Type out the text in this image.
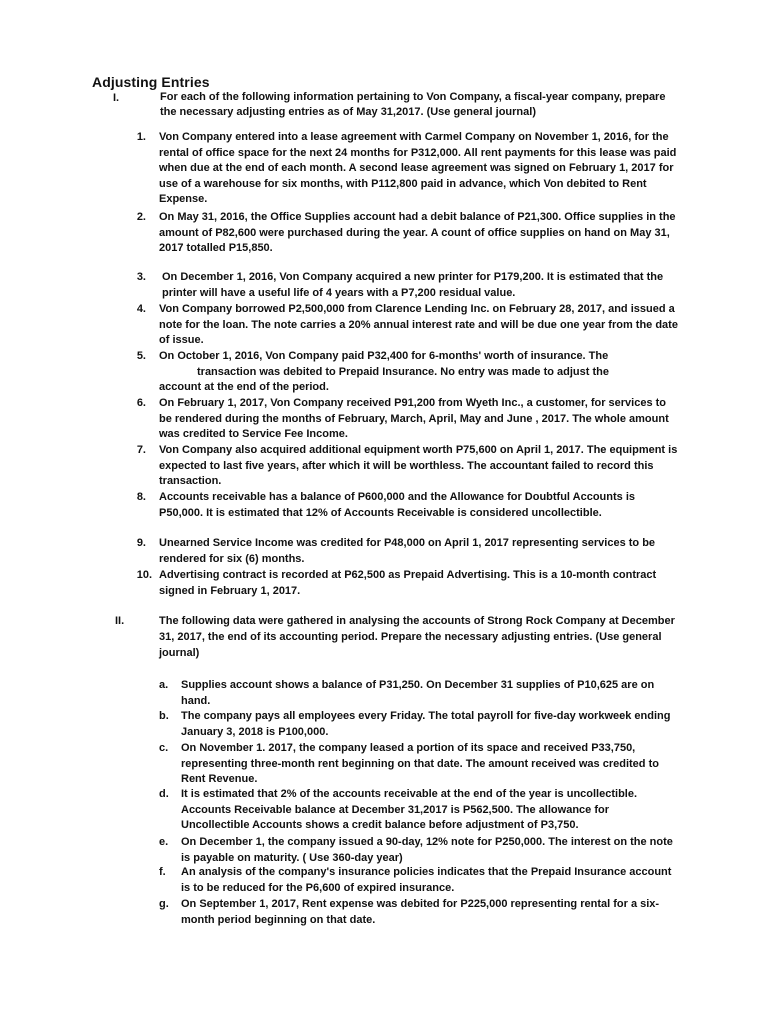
Adjusting Entries
I.	For each of the following information pertaining to Von Company, a fiscal-year company, prepare the necessary adjusting entries as of May 31,2017. (Use general journal)
1. Von Company entered into a lease agreement with Carmel Company on November 1, 2016, for the rental of office space for the next 24 months for P312,000. All rent payments for this lease was paid when due at the end of each month. A second lease agreement was signed on February 1, 2017 for use of a warehouse for six months, with P112,800 paid in advance, which Von debited to Rent Expense.
2. On May 31, 2016, the Office Supplies account had a debit balance of P21,300. Office supplies in the amount of P82,600 were purchased during the year. A count of office supplies on hand on May 31, 2017 totalled P15,850.
3. On December 1, 2016, Von Company acquired a new printer for P179,200. It is estimated that the printer will have a useful life of 4 years with a P7,200 residual value.
4. Von Company borrowed P2,500,000 from Clarence Lending Inc. on February 28, 2017, and issued a note for the loan. The note carries a 20% annual interest rate and will be due one year from the date of issue.
5. On October 1, 2016, Von Company paid P32,400 for 6-months' worth of insurance. The
transaction was debited to Prepaid Insurance. No entry was made to adjust the
account at the end of the period.
6. On February 1, 2017, Von Company received P91,200 from Wyeth Inc., a customer, for services to be rendered during the months of February, March, April, May and June , 2017. The whole amount was credited to Service Fee Income.
7. Von Company also acquired additional equipment worth P75,600 on April 1, 2017. The equipment is expected to last five years, after which it will be worthless. The accountant failed to record this transaction.
8. Accounts receivable has a balance of P600,000 and the Allowance for Doubtful Accounts is P50,000. It is estimated that 12% of Accounts Receivable is considered uncollectible.
9. Unearned Service Income was credited for P48,000 on April 1, 2017 representing services to be rendered for six (6) months.
10. Advertising contract is recorded at P62,500 as Prepaid Advertising. This is a 10-month contract signed in February 1, 2017.
II.	The following data were gathered in analysing the accounts of Strong Rock Company at December 31, 2017, the end of its accounting period. Prepare the necessary adjusting entries. (Use general journal)
a. Supplies account shows a balance of P31,250. On December 31 supplies of P10,625 are on hand.
b. The company pays all employees every Friday. The total payroll for five-day workweek ending January 3, 2018 is P100,000.
c. On November 1. 2017, the company leased a portion of its space and received P33,750, representing three-month rent beginning on that date. The amount received was credited to Rent Revenue.
d. It is estimated that 2% of the accounts receivable at the end of the year is uncollectible. Accounts Receivable balance at December 31,2017 is P562,500. The allowance for Uncollectible Accounts shows a credit balance before adjustment of P3,750.
e. On December 1, the company issued a 90-day, 12% note for P250,000. The interest on the note is payable on maturity. ( Use 360-day year)
f. An analysis of the company's insurance policies indicates that the Prepaid Insurance account is to be reduced for the P6,600 of expired insurance.
g. On September 1, 2017, Rent expense was debited for P225,000 representing rental for a six-month period beginning on that date.
